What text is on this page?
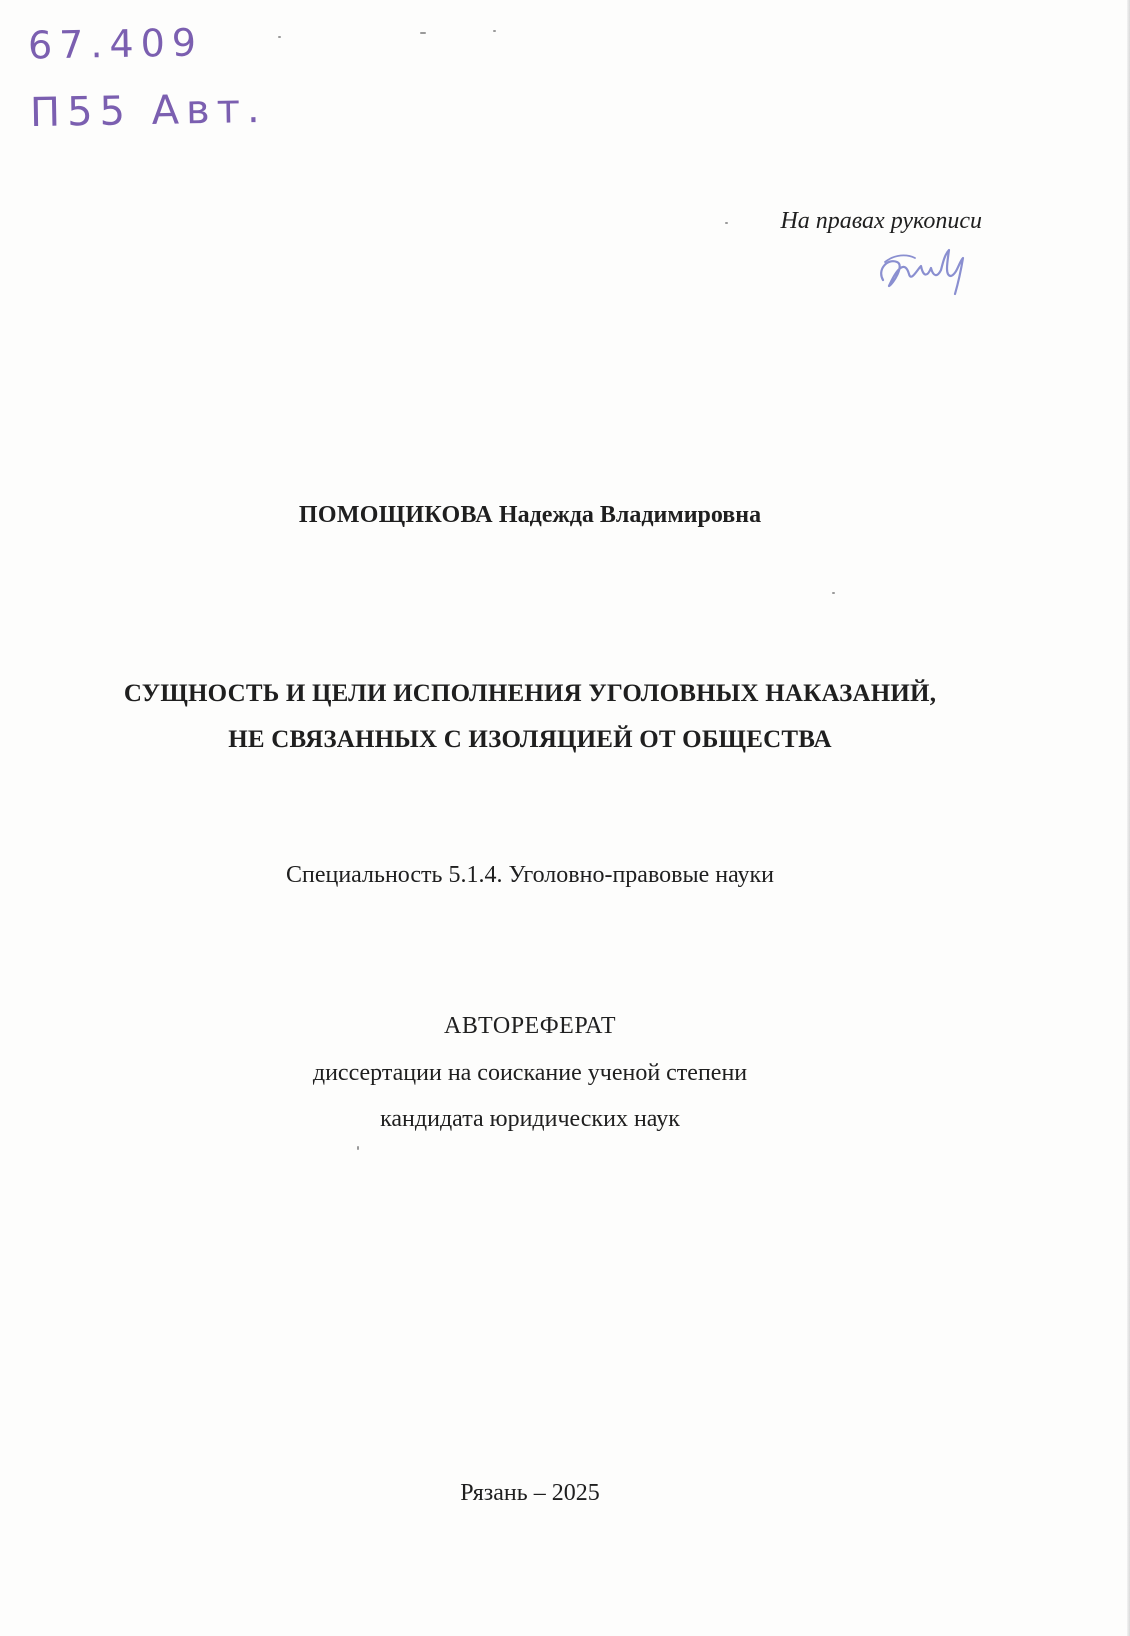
67.409
П55 Авт.
На правах рукописи
ПОМОЩИКОВА Надежда Владимировна
СУЩНОСТЬ И ЦЕЛИ ИСПОЛНЕНИЯ УГОЛОВНЫХ НАКАЗАНИЙ,
НЕ СВЯЗАННЫХ С ИЗОЛЯЦИЕЙ ОТ ОБЩЕСТВА
Специальность 5.1.4. Уголовно-правовые науки
АВТОРЕФЕРАТ
диссертации на соискание ученой степени
кандидата юридических наук
Рязань – 2025
